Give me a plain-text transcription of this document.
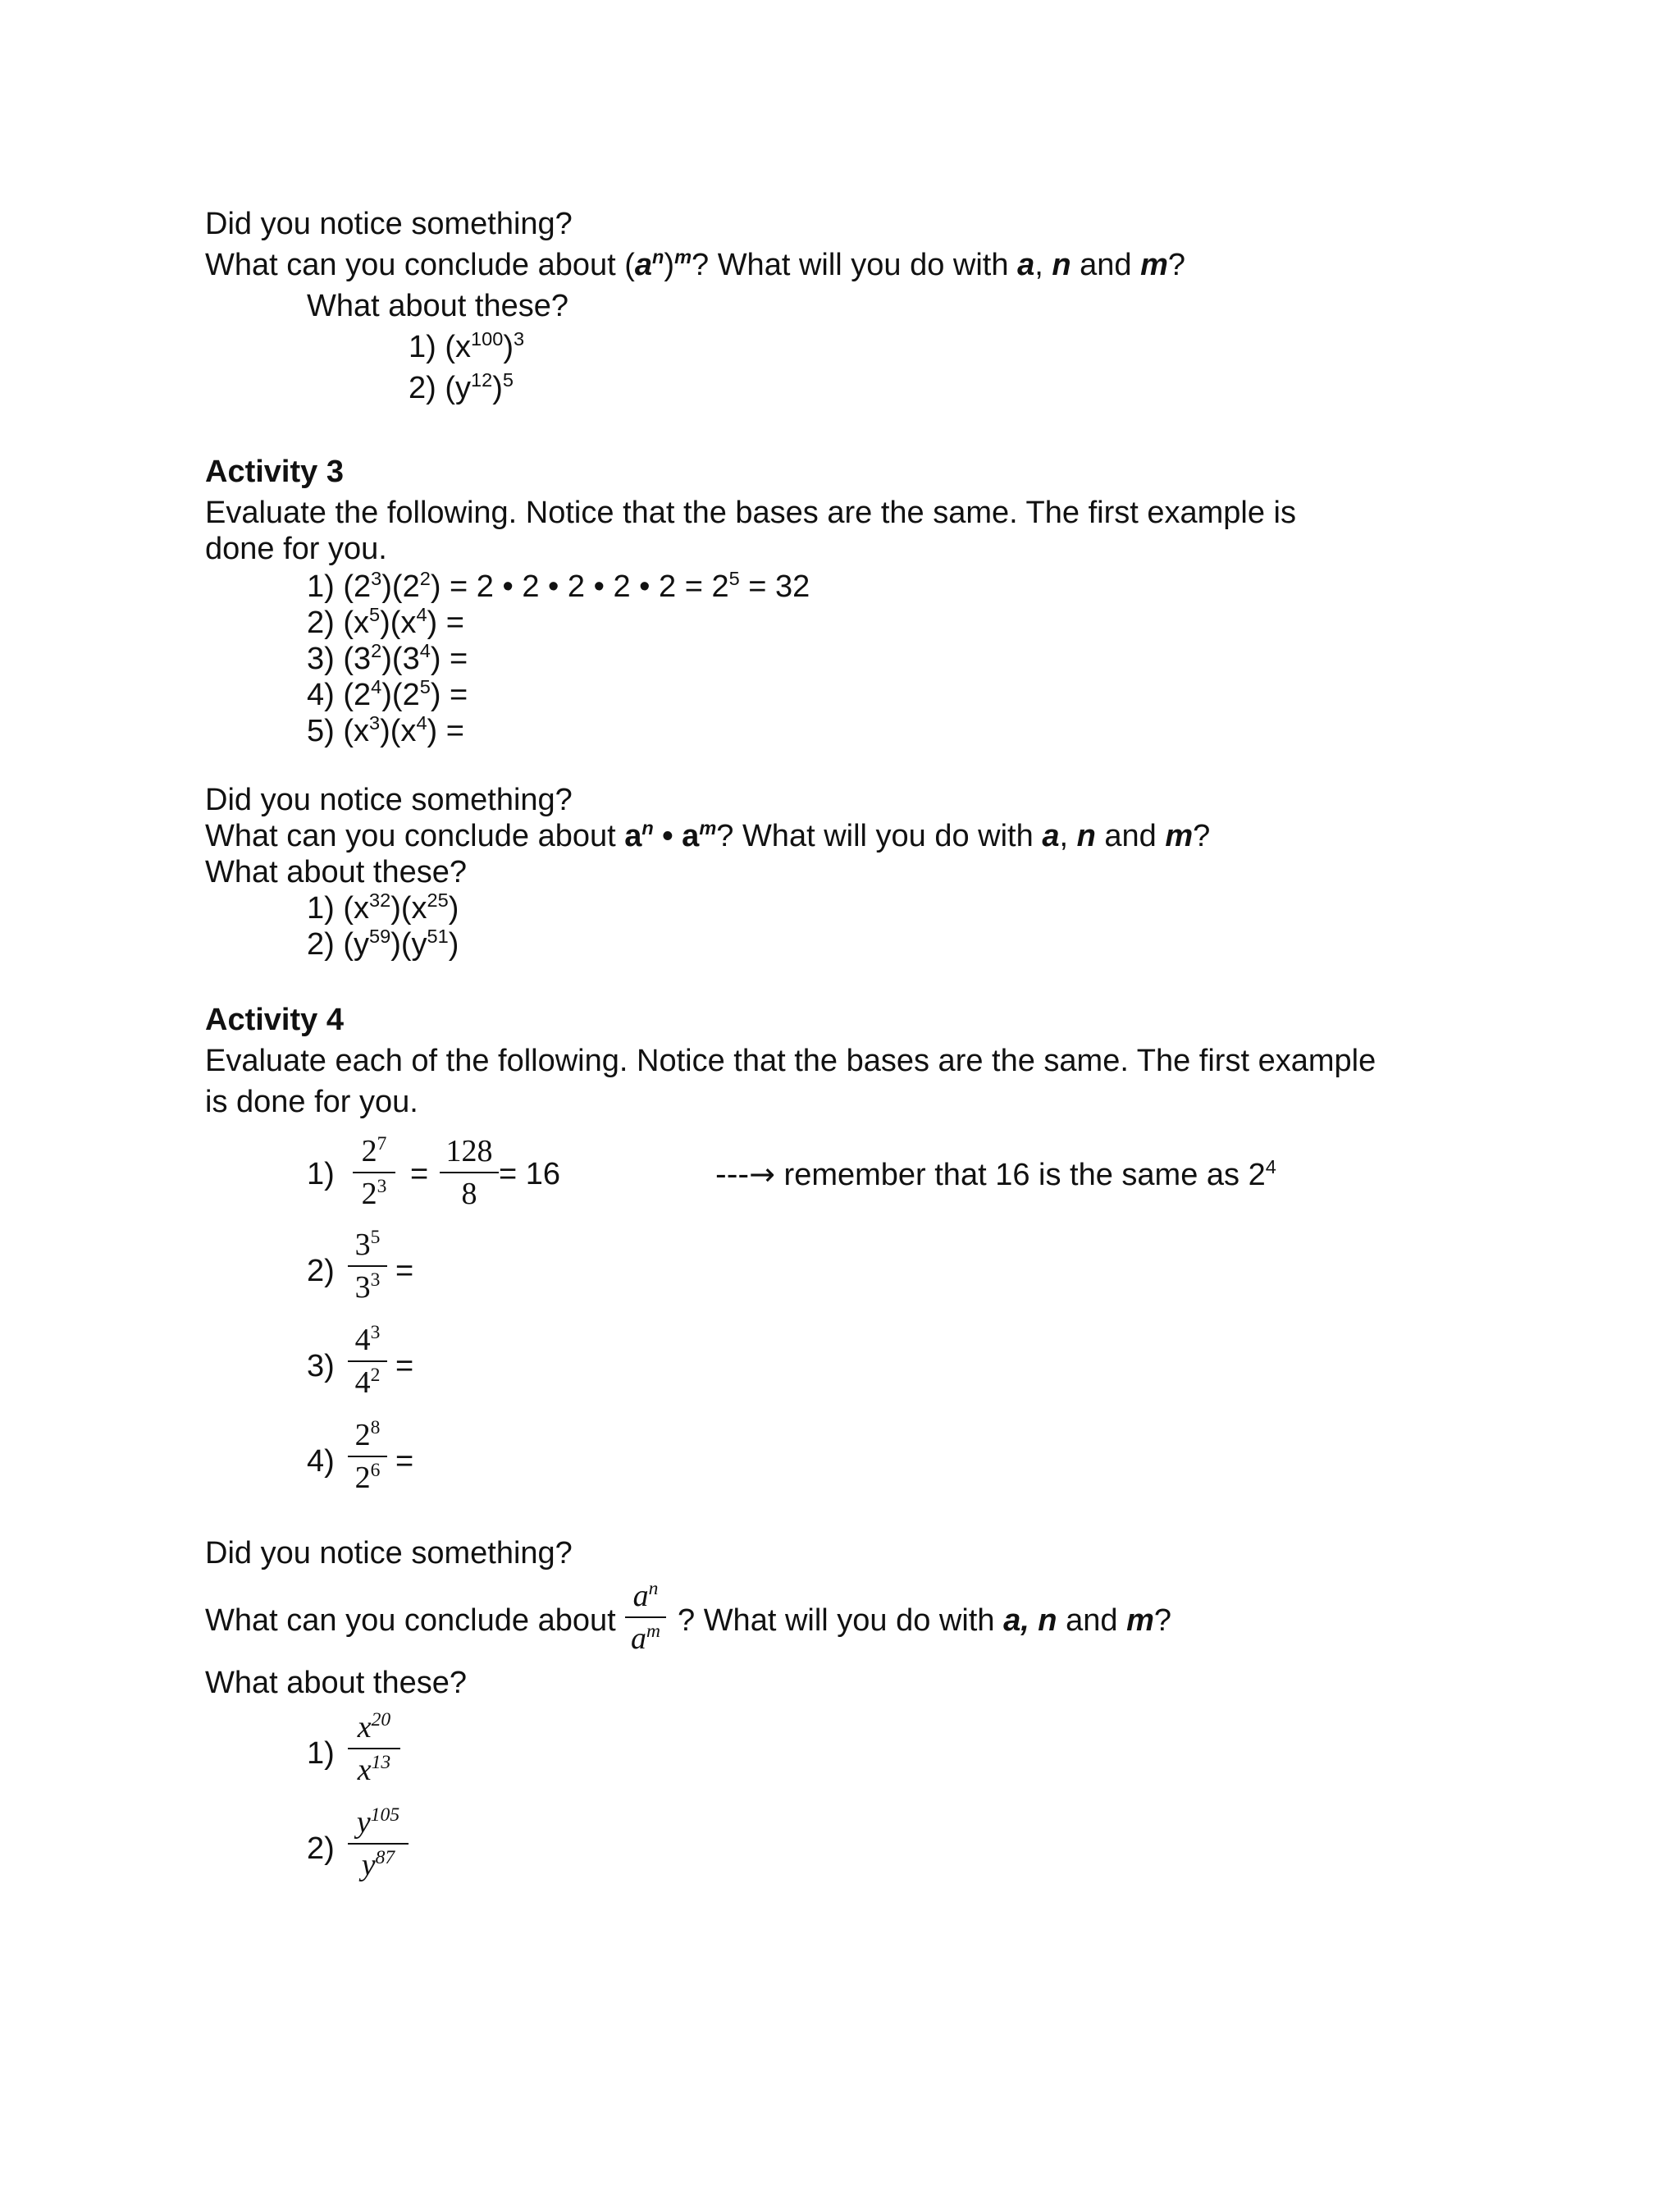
Did you notice something?
What can you conclude about $(a^n)^m$? What will you do with a, n and m?
What about these?
1) $(x^{100})^3$
2) $(y^{12})^5$
Activity 3
Evaluate the following. Notice that the bases are the same. The first example is
done for you.
1) $(2^3)(2^2) = 2$ • 2 • 2 • 2 • $2 = 2^5 = 32$
2) $(x^5)(x^4)$ =
3) $(3^2)(3^4)$ =
4) $(2^4)(2^5)$ =
5) $(x^3)(x^4)$ =
Did you notice something?
What can you conclude about $a^n$ • $a^m$? What will you do with a, n and m?
What about these?
1) $(x^{32})(x^{25})$
2) $(y^{59})(y^{51})$
Activity 4
Evaluate each of the following. Notice that the bases are the same. The first example
is done for you.
1)
$2^7$
$2^3$ =
128
8
= 16	---→ remember that 16 is the same as $2^4$
2)
$3^5$
$3^3$ =
3)
$4^3$
$4^2$ =
4)
$2^8$
$2^6$ =
Did you notice something?
What can you conclude about
$a^n$
$a^m$ ? What will you do with a, n and m?
What about these?
1)
$x^{20}$
$x^{13}$
2)
$y^{105}$
$y^{87}$
